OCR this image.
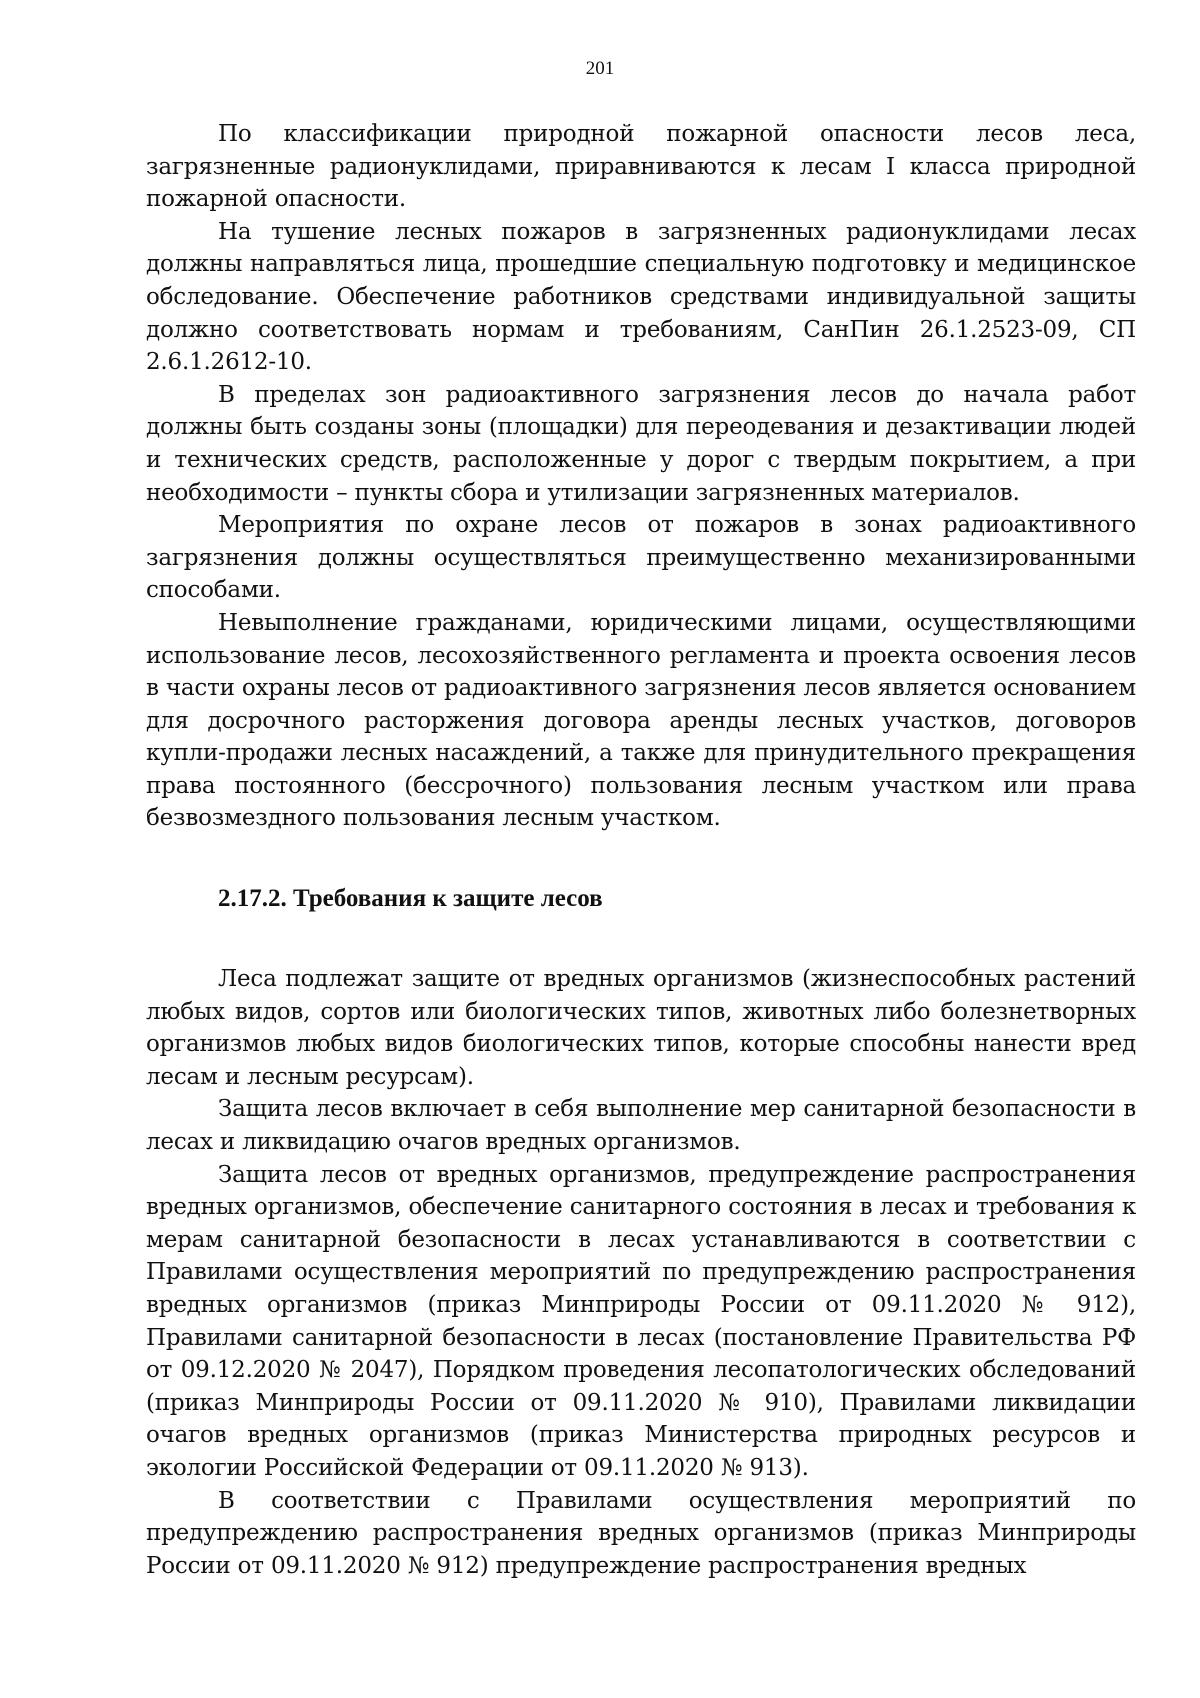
201

По классификации природной пожарной опасности лесов леса, загрязненные радионуклидами, приравниваются к лесам I класса природной пожарной опасности.

На тушение лесных пожаров в загрязненных радионуклидами лесах должны направляться лица, прошедшие специальную подготовку и медицинское обследование. Обеспечение работников средствами индивидуальной защиты должно соответствовать нормам и требованиям, СанПин 26.1.2523-09, СП 2.6.1.2612-10.

В пределах зон радиоактивного загрязнения лесов до начала работ должны быть созданы зоны (площадки) для переодевания и дезактивации людей и технических средств, расположенные у дорог с твердым покрытием, а при необходимости – пункты сбора и утилизации загрязненных материалов.

Мероприятия по охране лесов от пожаров в зонах радиоактивного загрязнения должны осуществляться преимущественно механизированными способами.

Невыполнение гражданами, юридическими лицами, осуществляющими использование лесов, лесохозяйственного регламента и проекта освоения лесов в части охраны лесов от радиоактивного загрязнения лесов является основанием для досрочного расторжения договора аренды лесных участков, договоров купли-продажи лесных насаждений, а также для принудительного прекращения права постоянного (бессрочного) пользования лесным участком или права безвозмездного пользования лесным участком.

2.17.2. Требования к защите лесов

Леса подлежат защите от вредных организмов (жизнеспособных растений любых видов, сортов или биологических типов, животных либо болезнетворных организмов любых видов биологических типов, которые способны нанести вред лесам и лесным ресурсам).

Защита лесов включает в себя выполнение мер санитарной безопасности в лесах и ликвидацию очагов вредных организмов.

Защита лесов от вредных организмов, предупреждение распространения вредных организмов, обеспечение санитарного состояния в лесах и требования к мерам санитарной безопасности в лесах устанавливаются в соответствии с Правилами осуществления мероприятий по предупреждению распространения вредных организмов (приказ Минприроды России от 09.11.2020 № 912), Правилами санитарной безопасности в лесах (постановление Правительства РФ от 09.12.2020 № 2047), Порядком проведения лесопатологических обследований (приказ Минприроды России от 09.11.2020 № 910), Правилами ликвидации очагов вредных организмов (приказ Министерства природных ресурсов и экологии Российской Федерации от 09.11.2020 № 913).

В соответствии с Правилами осуществления мероприятий по предупреждению распространения вредных организмов (приказ Минприроды России от 09.11.2020 № 912) предупреждение распространения вредных
